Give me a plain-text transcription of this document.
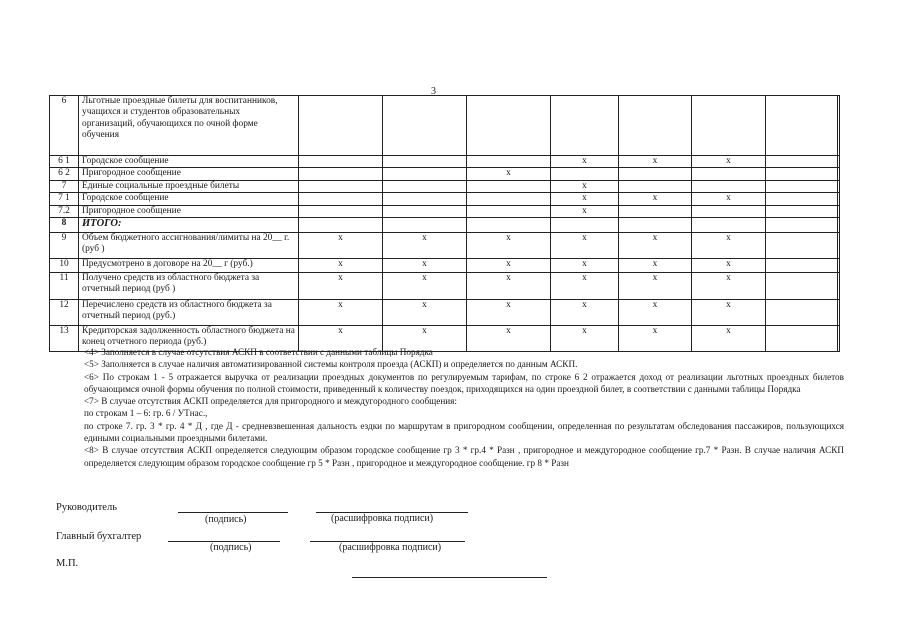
3
6	Льготные проездные билеты для воспитанников, учащихся и студентов образовательных организаций, обучающихся по очной форме обучения								
6 1	Городское сообщение				х	х	х		
6 2	Пригородное сообщение			х					
7	Единые социальные проездные билеты				х				
7 1	Городское сообщение				х	х	х		
7.2	Пригородное сообщение				х				
8	ИТОГО:								
9	Объем бюджетного ассигнования/лимиты на 20__ г. (руб )	х	х	х	х	х	х		
10	Предусмотрено в договоре на 20__ г (руб.)	х	х	х	х	х	х		
11	Получено средств из областного бюджета за отчетный период (руб )	х	х	х	х	х	х		
12	Перечислено средств из областного бюджета за отчетный период (руб.)	х	х	х	х	х	х		
13	Кредиторская задолженность областного бюджета на конец отчетного периода (руб.)	х	х	х	х	х	х		

<4> Заполняется в случае отсутствия АСКП в соответствии с данными таблицы Порядка

<5> Заполняется в случае наличия автоматизированной системы контроля проезда (АСКП) и определяется по данным АСКП.

<6> По строкам 1 - 5 отражается выручка от реализации проездных документов по регулируемым тарифам, по строке 6 2 отражается доход от реализации льготных проездных билетов обучающимся очной формы обучения по полной стоимости, приведенный к количеству поездок, приходящихся на один проездной билет, в соответствии с данными таблицы Порядка

<7> В случае отсутствия АСКП определяется для пригородного и междугородного сообщения:

по строкам 1 – 6: гр. 6 / УТнас.,

по строке 7. гр. 3 * гр. 4 * Д , где Д - средневзвешенная дальность ездки по маршрутам в пригородном сообщении, определенная по результатам обследования пассажиров, пользующихся едиными социальными проездными билетами.

<8> В случае отсутствия АСКП определяется следующим образом городское сообщение гр 3 * гр.4 * Разн , пригородное и междугородное сообщение гр.7 * Разн. В случае наличия АСКП определяется следующим образом городское сообщение гр 5 * Разн , пригородное и междугородное сообщение. гр 8 * Разн

Руководитель
(подпись)	(расшифровка подписи)
Главный бухгалтер
(подпись)	(расшифровка подписи)
М.П.
